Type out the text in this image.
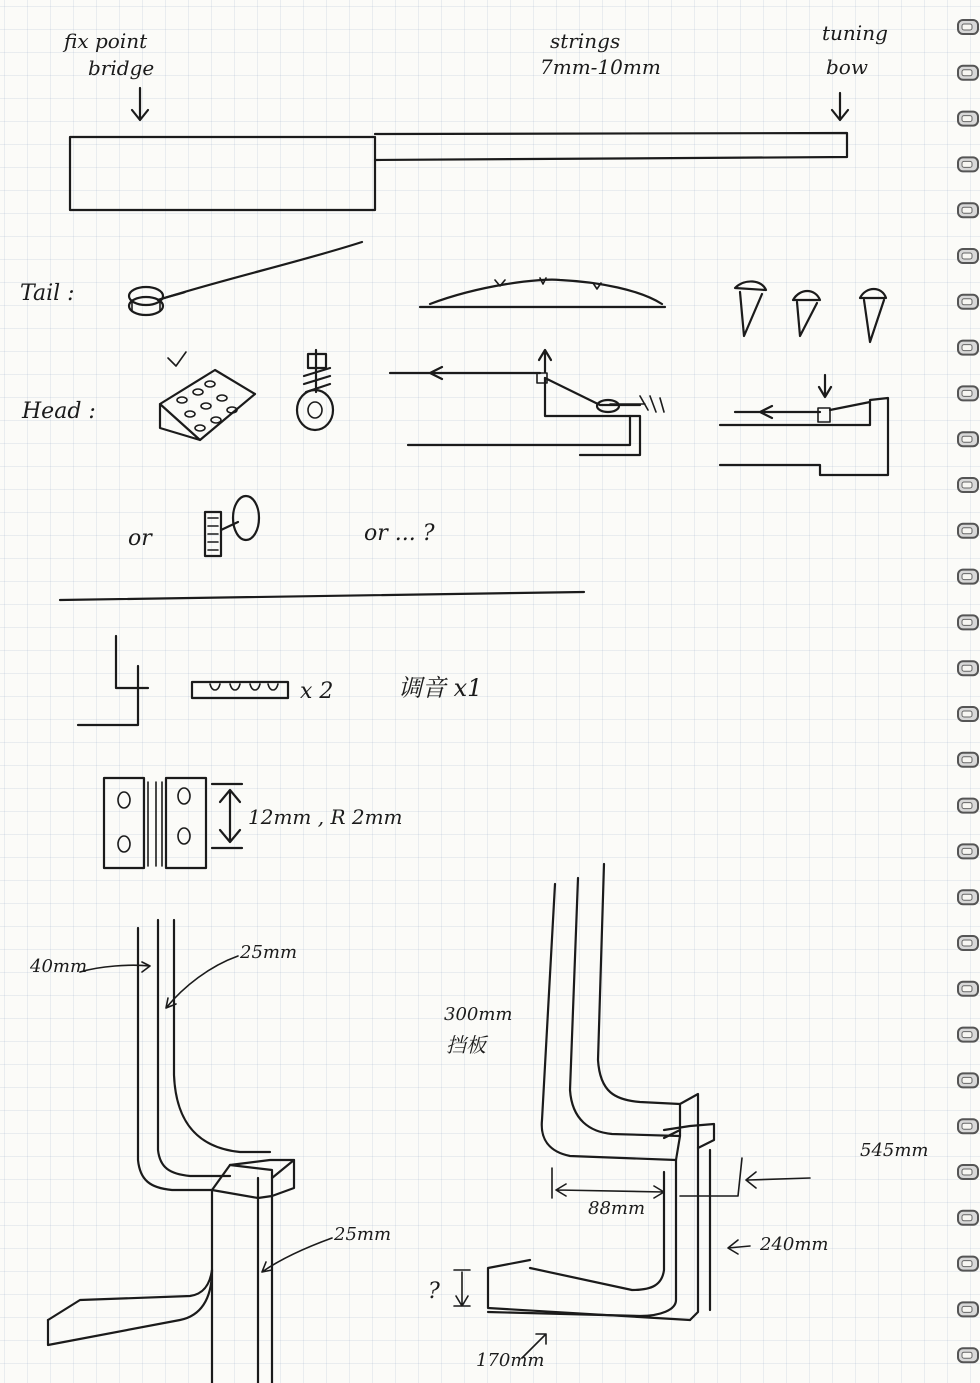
fix point
bridge
strings
7mm-10mm
tuning
bow
Tail :
Head :
or	or ... ?
x 2	调音 x1
12mm , R 2mm
40mm
25mm
25mm
300mm
挡板
88mm
545mm
240mm
?
170mm
